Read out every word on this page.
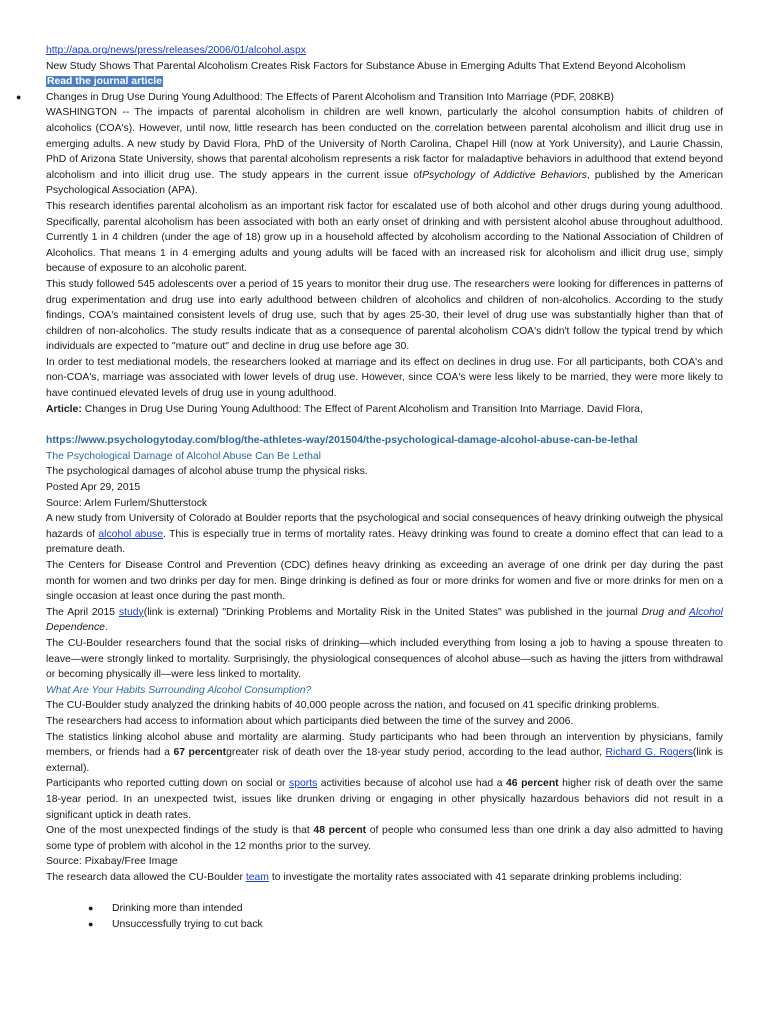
http://apa.org/news/press/releases/2006/01/alcohol.aspx

New Study Shows That Parental Alcoholism Creates Risk Factors for Substance Abuse in Emerging Adults That Extend Beyond Alcoholism

Read the journal article

● Changes in Drug Use During Young Adulthood: The Effects of Parent Alcoholism and Transition Into Marriage (PDF, 208KB)

WASHINGTON -- The impacts of parental alcoholism in children are well known, particularly the alcohol consumption habits of children of alcoholics (COA's). However, until now, little research has been conducted on the correlation between parental alcoholism and illicit drug use in emerging adults. A new study by David Flora, PhD of the University of North Carolina, Chapel Hill (now at York University), and Laurie Chassin, PhD of Arizona State University, shows that parental alcoholism represents a risk factor for maladaptive behaviors in adulthood that extend beyond alcoholism and into illicit drug use. The study appears in the current issue ofPsychology of Addictive Behaviors, published by the American Psychological Association (APA).

This research identifies parental alcoholism as an important risk factor for escalated use of both alcohol and other drugs during young adulthood. Specifically, parental alcoholism has been associated with both an early onset of drinking and with persistent alcohol abuse throughout adulthood. Currently 1 in 4 children (under the age of 18) grow up in a household affected by alcoholism according to the National Association of Children of Alcoholics. That means 1 in 4 emerging adults and young adults will be faced with an increased risk for alcoholism and illicit drug use, simply because of exposure to an alcoholic parent.

This study followed 545 adolescents over a period of 15 years to monitor their drug use. The researchers were looking for differences in patterns of drug experimentation and drug use into early adulthood between children of alcoholics and children of non-alcoholics. According to the study findings, COA's maintained consistent levels of drug use, such that by ages 25-30, their level of drug use was substantially higher than that of children of non-alcoholics. The study results indicate that as a consequence of parental alcoholism COA's didn't follow the typical trend by which individuals are expected to "mature out" and decline in drug use before age 30.

In order to test mediational models, the researchers looked at marriage and its effect on declines in drug use. For all participants, both COA's and non-COA's, marriage was associated with lower levels of drug use. However, since COA's were less likely to be married, they were more likely to have continued elevated levels of drug use in young adulthood.

Article: Changes in Drug Use During Young Adulthood: The Effect of Parent Alcoholism and Transition Into Marriage. David Flora,

https://www.psychologytoday.com/blog/the-athletes-way/201504/the-psychological-damage-alcohol-abuse-can-be-lethal

The Psychological Damage of Alcohol Abuse Can Be Lethal

The psychological damages of alcohol abuse trump the physical risks.

Posted Apr 29, 2015

Source: Arlem Furlem/Shutterstock

A new study from University of Colorado at Boulder reports that the psychological and social consequences of heavy drinking outweigh the physical hazards of alcohol abuse. This is especially true in terms of mortality rates. Heavy drinking was found to create a domino effect that can lead to a premature death.

The Centers for Disease Control and Prevention (CDC) defines heavy drinking as exceeding an average of one drink per day during the past month for women and two drinks per day for men. Binge drinking is defined as four or more drinks for women and five or more drinks for men on a single occasion at least once during the past month.

The April 2015 study(link is external) "Drinking Problems and Mortality Risk in the United States" was published in the journal Drug and Alcohol Dependence.

The CU-Boulder researchers found that the social risks of drinking—which included everything from losing a job to having a spouse threaten to leave—were strongly linked to mortality. Surprisingly, the physiological consequences of alcohol abuse—such as having the jitters from withdrawal or becoming physically ill—were less linked to mortality.

What Are Your Habits Surrounding Alcohol Consumption?

The CU-Boulder study analyzed the drinking habits of 40,000 people across the nation, and focused on 41 specific drinking problems.

The researchers had access to information about which participants died between the time of the survey and 2006.

The statistics linking alcohol abuse and mortality are alarming. Study participants who had been through an intervention by physicians, family members, or friends had a 67 percentgreater risk of death over the 18-year study period, according to the lead author, Richard G. Rogers(link is external).

Participants who reported cutting down on social or sports activities because of alcohol use had a 46 percent higher risk of death over the same 18-year period. In an unexpected twist, issues like drunken driving or engaging in other physically hazardous behaviors did not result in a significant uptick in death rates.

One of the most unexpected findings of the study is that 48 percent of people who consumed less than one drink a day also admitted to having some type of problem with alcohol in the 12 months prior to the survey.

Source: Pixabay/Free Image

The research data allowed the CU-Boulder team to investigate the mortality rates associated with 41 separate drinking problems including:

● Drinking more than intended
● Unsuccessfully trying to cut back
